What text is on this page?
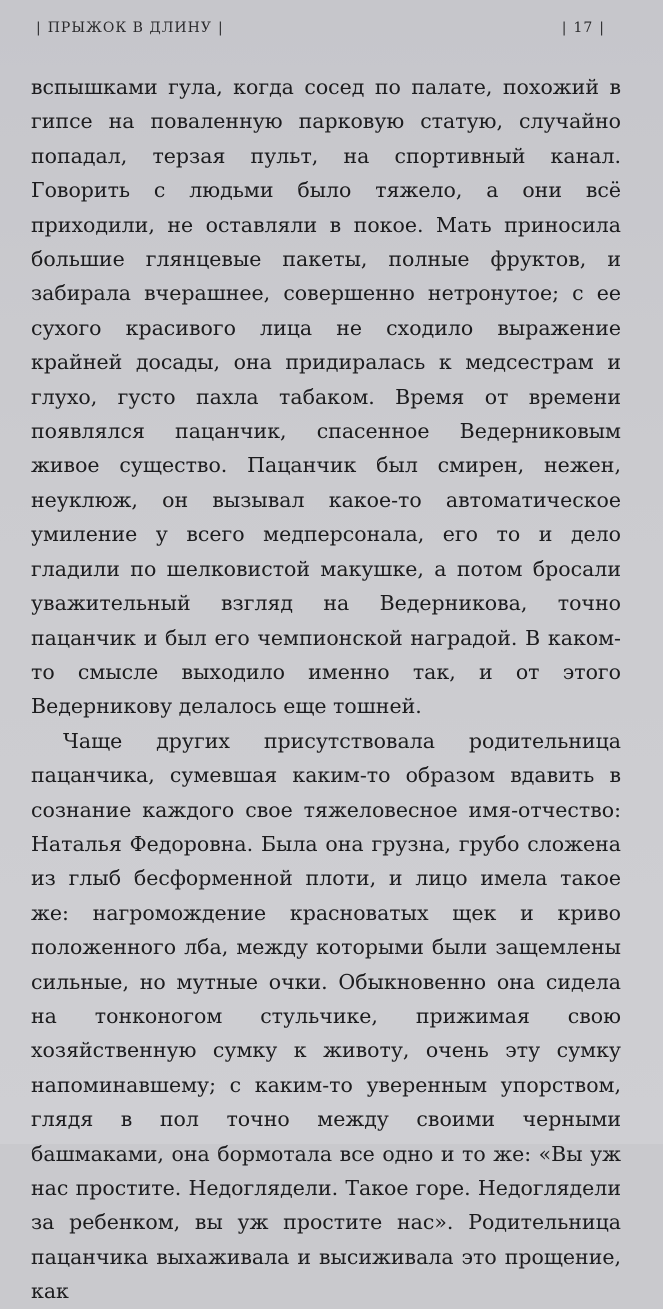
| ПРЫЖОК В ДЛИНУ |	| 17 |

вспышками гула, когда сосед по палате, похожий в гипсе на поваленную парковую статую, случайно попадал, терзая пульт, на спортивный канал. Говорить с людьми было тяжело, а они всё приходили, не оставляли в покое. Мать приносила большие глянцевые пакеты, полные фруктов, и забирала вчерашнее, совершенно нетронутое; с ее сухого красивого лица не сходило выражение крайней досады, она придиралась к медсестрам и глухо, густо пахла табаком. Время от времени появлялся пацанчик, спасенное Ведерниковым живое существо. Пацанчик был смирен, нежен, неуклюж, он вызывал какое-то автоматическое умиление у всего медперсонала, его то и дело гладили по шелковистой макушке, а потом бросали уважительный взгляд на Ведерникова, точно пацанчик и был его чемпионской наградой. В каком-то смысле выходило именно так, и от этого Ведерникову делалось еще тошней.

Чаще других присутствовала родительница пацанчика, сумевшая каким-то образом вдавить в сознание каждого свое тяжеловесное имя-отчество: Наталья Федоровна. Была она грузна, грубо сложена из глыб бесформенной плоти, и лицо имела такое же: нагромождение красноватых щек и криво положенного лба, между которыми были защемлены сильные, но мутные очки. Обыкновенно она сидела на тонконогом стульчике, прижимая свою хозяйственную сумку к животу, очень эту сумку напоминавшему; с каким-то уверенным упорством, глядя в пол точно между своими черными башмаками, она бормотала все одно и то же: «Вы уж нас простите. Недоглядели. Такое горе. Недоглядели за ребенком, вы уж простите нас». Родительница пацанчика выхаживала и высиживала это прощение, как
